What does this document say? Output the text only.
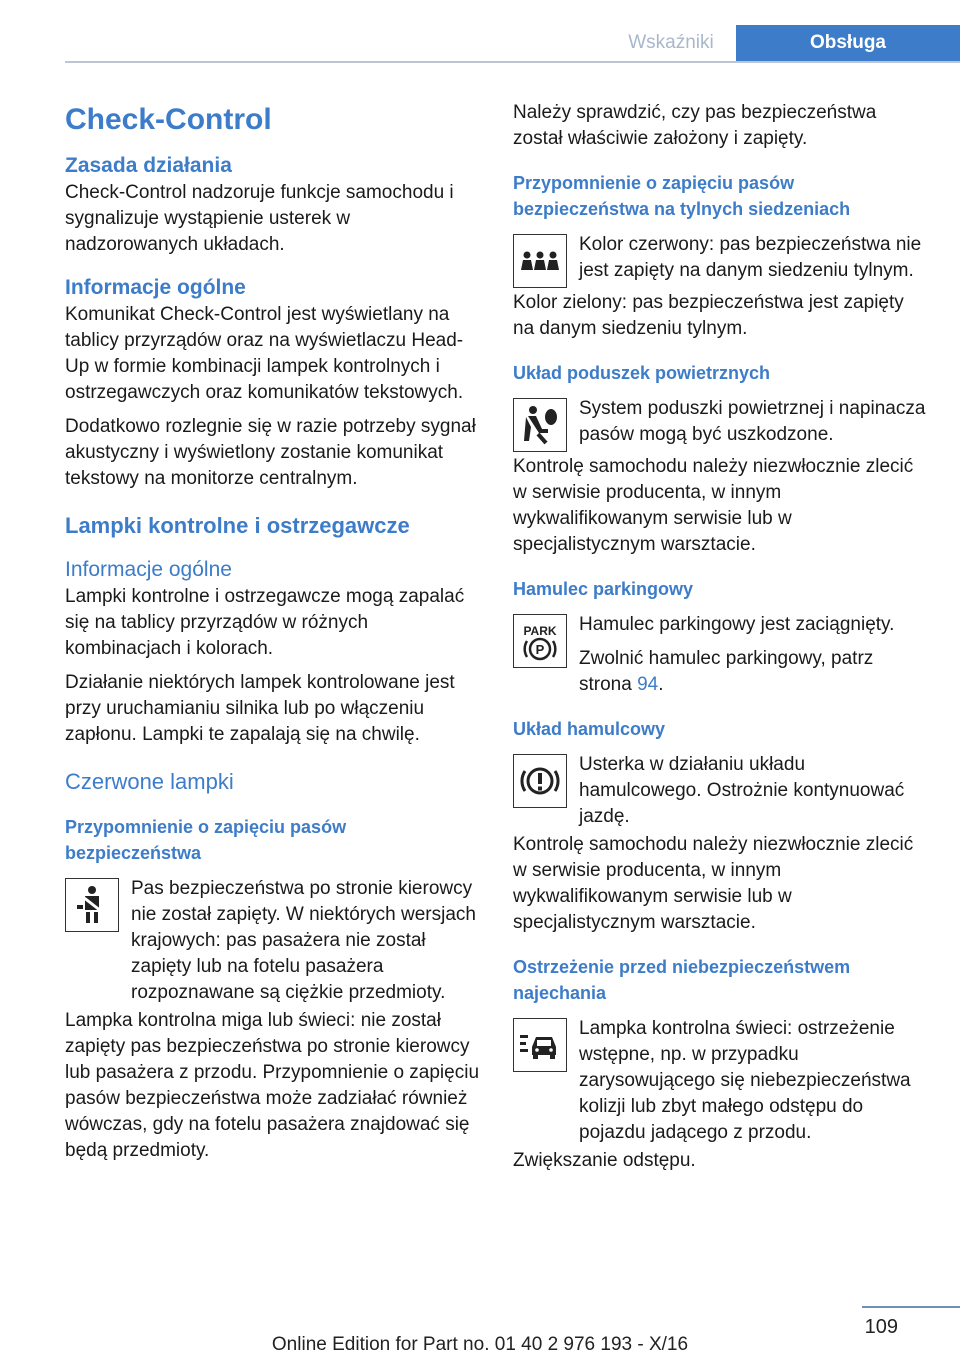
Wskaźniki	Obsługa
Check-Control
Zasada działania

Check-Control nadzoruje funkcje samochodu i sygnalizuje wystąpienie usterek w nadzorowanych układach.

Informacje ogólne

Komunikat Check-Control jest wyświetlany na tablicy przyrządów oraz na wyświetlaczu Head-Up w formie kombinacji lampek kontrolnych i ostrzegawczych oraz komunikatów tekstowych.

Dodatkowo rozlegnie się w razie potrzeby sygnał akustyczny i wyświetlony zostanie komunikat tekstowy na monitorze centralnym.

Lampki kontrolne i ostrzegawcze
Informacje ogólne

Lampki kontrolne i ostrzegawcze mogą zapalać się na tablicy przyrządów w różnych kombinacjach i kolorach.

Działanie niektórych lampek kontrolowane jest przy uruchamianiu silnika lub po włączeniu zapłonu. Lampki te zapalają się na chwilę.

Czerwone lampki
Przypomnienie o zapięciu pasów bezpieczeństwa
Pas bezpieczeństwa po stronie kierowcy nie został zapięty. W niektórych wersjach krajowych: pas pasażera nie został zapięty lub na fotelu pasażera rozpoznawane są ciężkie przedmioty.

Lampka kontrolna miga lub świeci: nie został zapięty pas bezpieczeństwa po stronie kierowcy lub pasażera z przodu. Przypomnienie o zapięciu pasów bezpieczeństwa może zadziałać również wówczas, gdy na fotelu pasażera znajdować się będą przedmioty.

Należy sprawdzić, czy pas bezpieczeństwa został właściwie założony i zapięty.

Przypomnienie o zapięciu pasów bezpieczeństwa na tylnych siedzeniach
Kolor czerwony: pas bezpieczeństwa nie jest zapięty na danym siedzeniu tylnym.

Kolor zielony: pas bezpieczeństwa jest zapięty na danym siedzeniu tylnym.

Układ poduszek powietrznych
System poduszki powietrznej i napinacza pasów mogą być uszkodzone.

Kontrolę samochodu należy niezwłocznie zlecić w serwisie producenta, w innym wykwalifikowanym serwisie lub w specjalistycznym warsztacie.

Hamulec parkingowy
PARK
P
Hamulec parkingowy jest zaciągnięty.
Zwolnić hamulec parkingowy, patrz strona 94.
Układ hamulcowy
Usterka w działaniu układu hamulcowego. Ostrożnie kontynuować jazdę.

Kontrolę samochodu należy niezwłocznie zlecić w serwisie producenta, w innym wykwalifikowanym serwisie lub w specjalistycznym warsztacie.

Ostrzeżenie przed niebezpieczeństwem najechania
Lampka kontrolna świeci: ostrzeżenie wstępne, np. w przypadku zarysowującego się niebezpieczeństwa kolizji lub zbyt małego odstępu do pojazdu jadącego z przodu.

Zwiększanie odstępu.

109
Online Edition for Part no. 01 40 2 976 193 - X/16
